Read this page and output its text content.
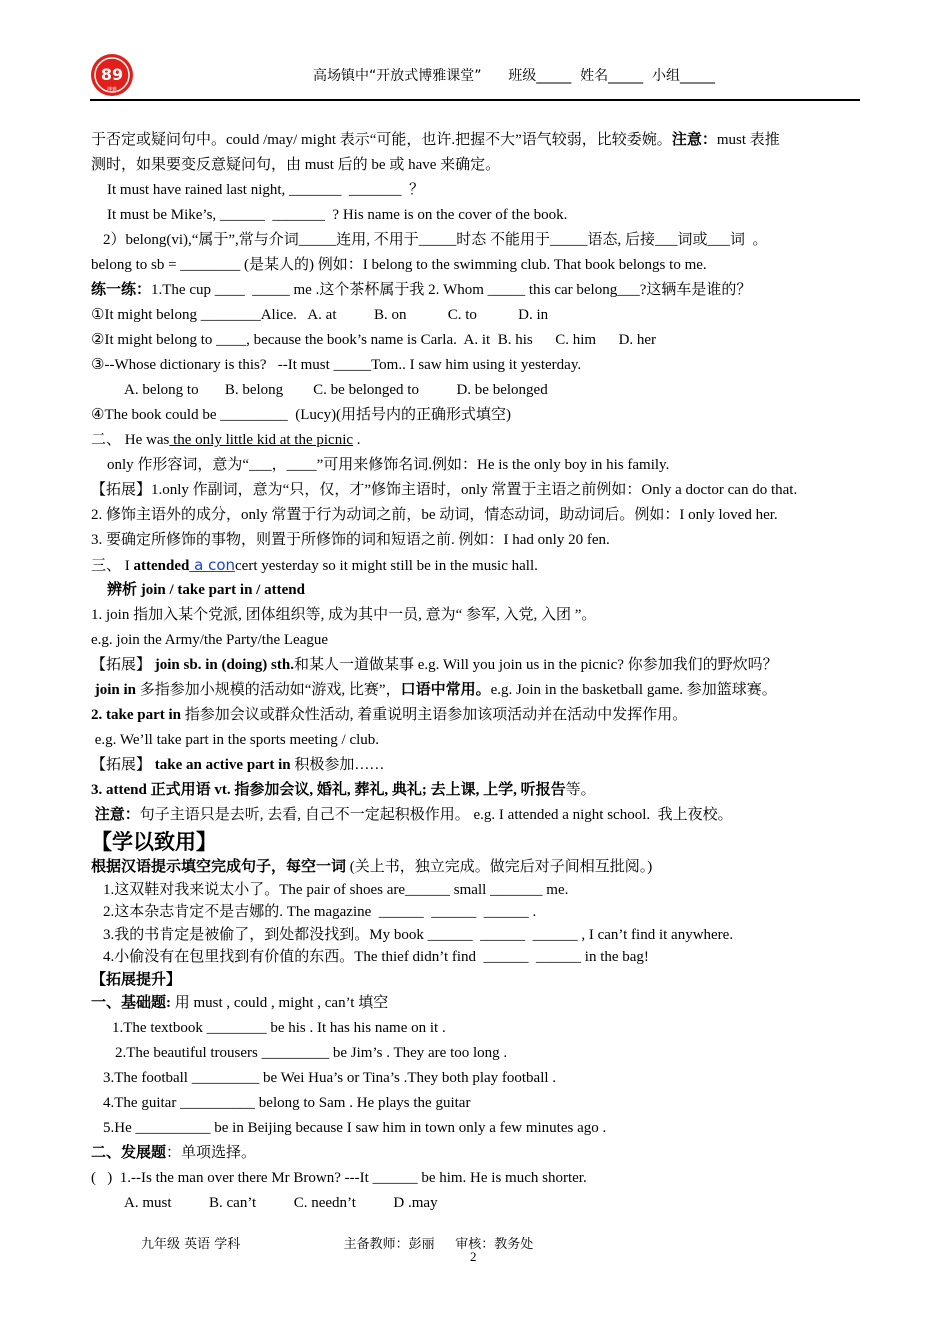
89
博雅
高场镇中“开放式博雅课堂”      班级_____  姓名_____  小组_____
于否定或疑问句中。could /may/ might 表示“可能，也许.把握不大”语气较弱，比较委婉。注意：must 表推
测时，如果要变反意疑问句，由 must 后的 be 或 have 来确定。
It must have rained last night, _______  _______  ？
It must be Mike’s, ______  _______  ? His name is on the cover of the book.
2）belong(vi),“属于”,常与介词_____连用, 不用于_____时态 不能用于_____语态, 后接___词或___词  。
belong to sb = ________ (是某人的) 例如：I belong to the swimming club. That book belongs to me.
练一练：1.The cup ____  _____ me .这个茶杯属于我 2. Whom _____ this car belong___?这辆车是谁的？
①It might belong ________Alice.   A. at          B. on           C. to           D. in
②It might belong to ____, because the book’s name is Carla.  A. it  B. his      C. him      D. her
③--Whose dictionary is this?   --It must _____Tom.. I saw him using it yesterday.
A. belong to       B. belong        C. be belonged to          D. be belonged
④The book could be _________  (Lucy)(用括号内的正确形式填空)
二、 He was the only little kid at the picnic .
only 作形容词，意为“___，____”可用来修饰名词.例如：He is the only boy in his family.
【拓展】1.only 作副词，意为“只，仅，才”修饰主语时，only 常置于主语之前例如：Only a doctor can do that.
2. 修饰主语外的成分，only 常置于行为动词之前，be 动词，情态动词，助动词后。例如：I only loved her.
3. 要确定所修饰的事物，则置于所修饰的词和短语之前. 例如：I had only 20 fen.
三、 I attended a concert yesterday so it might still be in the music hall.
辨析 join / take part in / attend
1. join 指加入某个党派, 团体组织等, 成为其中一员, 意为“ 参军, 入党, 入团 ”。
e.g. join the Army/the Party/the League
【拓展】 join sb. in (doing) sth.和某人一道做某事 e.g. Will you join us in the picnic? 你参加我们的野炊吗？
join in 多指参加小规模的活动如“游戏, 比赛”，口语中常用。e.g. Join in the basketball game. 参加篮球赛。
2. take part in 指参加会议或群众性活动, 着重说明主语参加该项活动并在活动中发挥作用。
e.g. We’ll take part in the sports meeting / club.
【拓展】 take an active part in 积极参加……
3. attend 正式用语 vt. 指参加会议, 婚礼, 葬礼, 典礼; 去上课, 上学, 听报告等。
注意：句子主语只是去听, 去看, 自己不一定起积极作用。 e.g. I attended a night school.  我上夜校。
【学以致用】
根据汉语提示填空完成句子，每空一词 (关上书，独立完成。做完后对子间相互批阅。)
1.这双鞋对我来说太小了。The pair of shoes are______ small _______ me.
2.这本杂志肯定不是吉娜的. The magazine  ______  ______  ______ .
3.我的书肯定是被偷了，到处都没找到。My book ______  ______  ______ , I can’t find it anywhere.
4.小偷没有在包里找到有价值的东西。The thief didn’t find  ______  ______ in the bag!
【拓展提升】
一、基础题: 用 must , could , might , can’t 填空
1.The textbook ________ be his . It has his name on it .
2.The beautiful trousers _________ be Jim’s . They are too long .
3.The football _________ be Wei Hua’s or Tina’s .They both play football .
4.The guitar __________ belong to Sam . He plays the guitar
5.He __________ be in Beijing because I saw him in town only a few minutes ago .
二、发展题：单项选择。
(   )  1.--Is the man over there Mr Brown? ---It ______ be him. He is much shorter.
A. must          B. can’t          C. needn’t          D .may
九年级 英语 学科                         主备教师：彭丽     审核：教务处
2
